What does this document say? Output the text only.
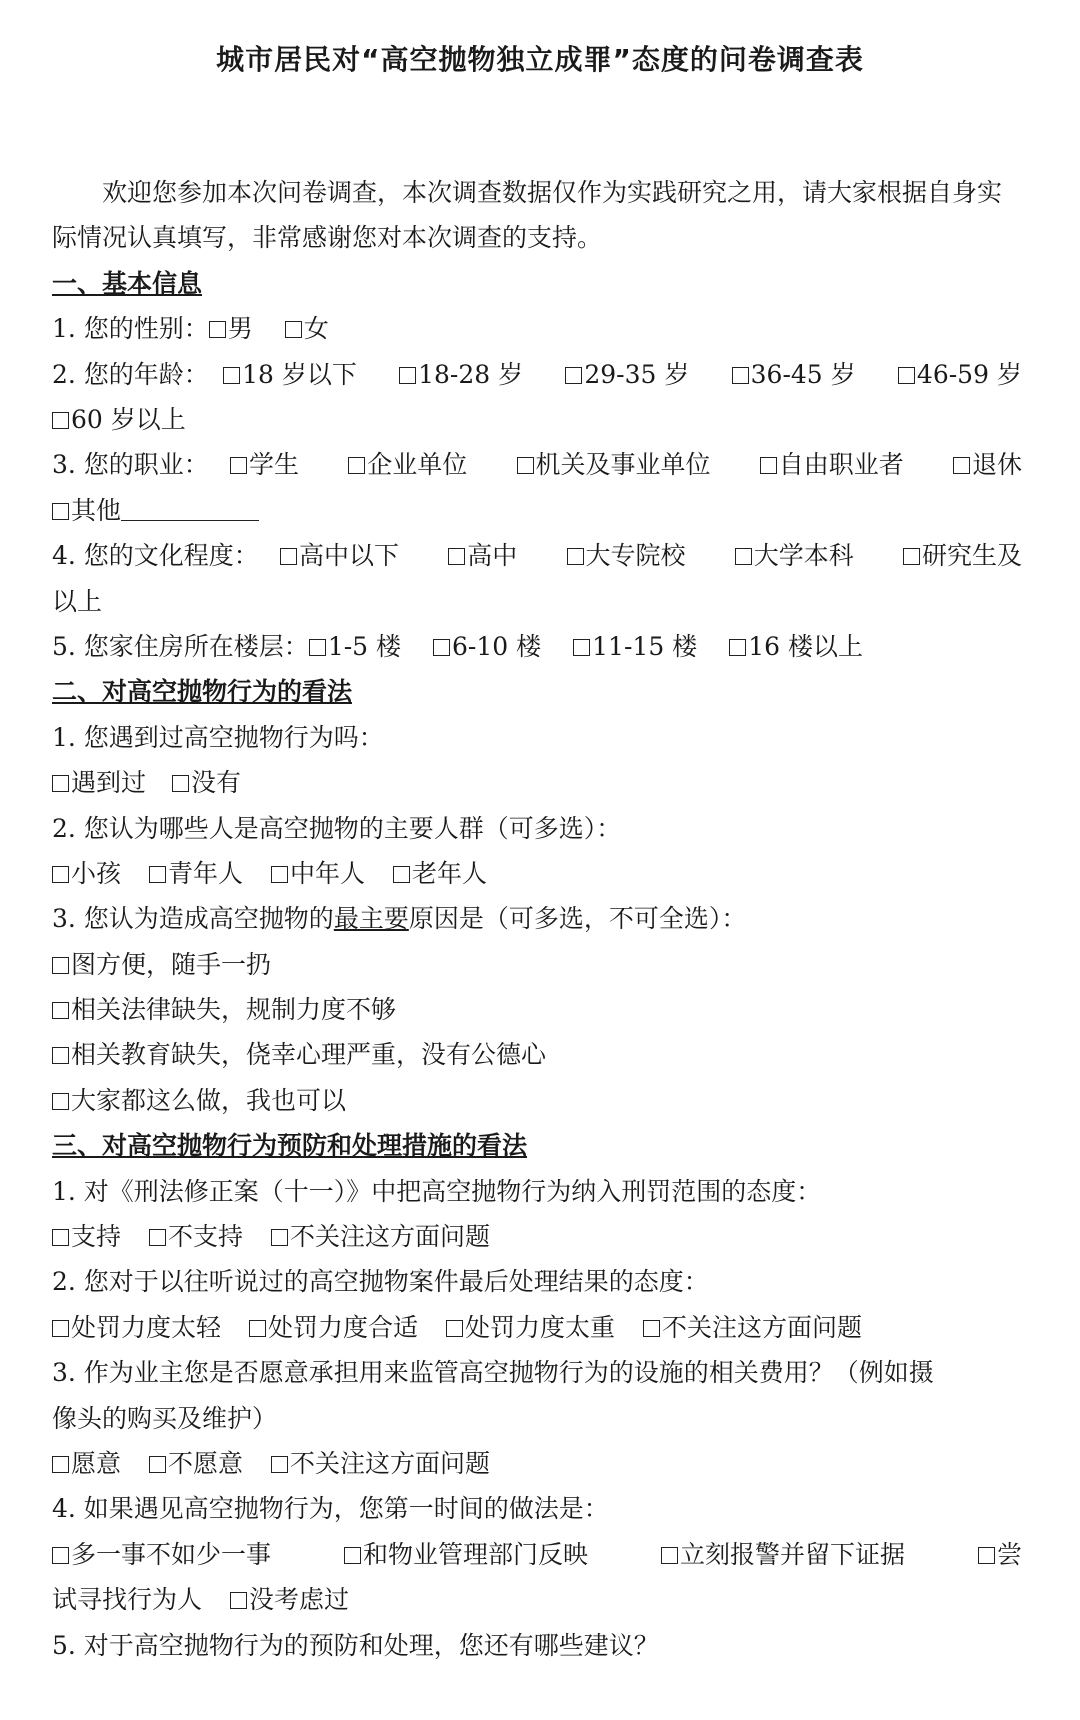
城市居民对“高空抛物独立成罪”态度的问卷调查表
欢迎您参加本次问卷调查，本次调查数据仅作为实践研究之用，请大家根据自身实际情况认真填写，非常感谢您对本次调查的支持。
一、基本信息
1. 您的性别： 男 女
2. 您的年龄：	18 岁以下	18-28 岁	29-35 岁	36-45 岁	46-59 岁
60 岁以上
3. 您的职业：	学生	企业单位	机关及事业单位	自由职业者	退休
其他
4. 您的文化程度：	高中以下	高中	大专院校	大学本科	研究生及
以上
5. 您家住房所在楼层： 1-5 楼 6-10 楼 11-15 楼 16 楼以上
二、对高空抛物行为的看法
1. 您遇到过高空抛物行为吗：
遇到过 没有
2. 您认为哪些人是高空抛物的主要人群（可多选）：
小孩 青年人 中年人 老年人
3. 您认为造成高空抛物的最主要原因是（可多选，不可全选）：
图方便，随手一扔
相关法律缺失，规制力度不够
相关教育缺失，侥幸心理严重，没有公德心
大家都这么做，我也可以
三、对高空抛物行为预防和处理措施的看法
1. 对《刑法修正案（十一）》中把高空抛物行为纳入刑罚范围的态度：
支持 不支持 不关注这方面问题
2. 您对于以往听说过的高空抛物案件最后处理结果的态度：
处罚力度太轻 处罚力度合适 处罚力度太重 不关注这方面问题
3. 作为业主您是否愿意承担用来监管高空抛物行为的设施的相关费用？（例如摄
像头的购买及维护）
愿意 不愿意 不关注这方面问题
4. 如果遇见高空抛物行为，您第一时间的做法是：
多一事不如少一事	和物业管理部门反映	立刻报警并留下证据	尝
试寻找行为人 没考虑过
5. 对于高空抛物行为的预防和处理，您还有哪些建议？
